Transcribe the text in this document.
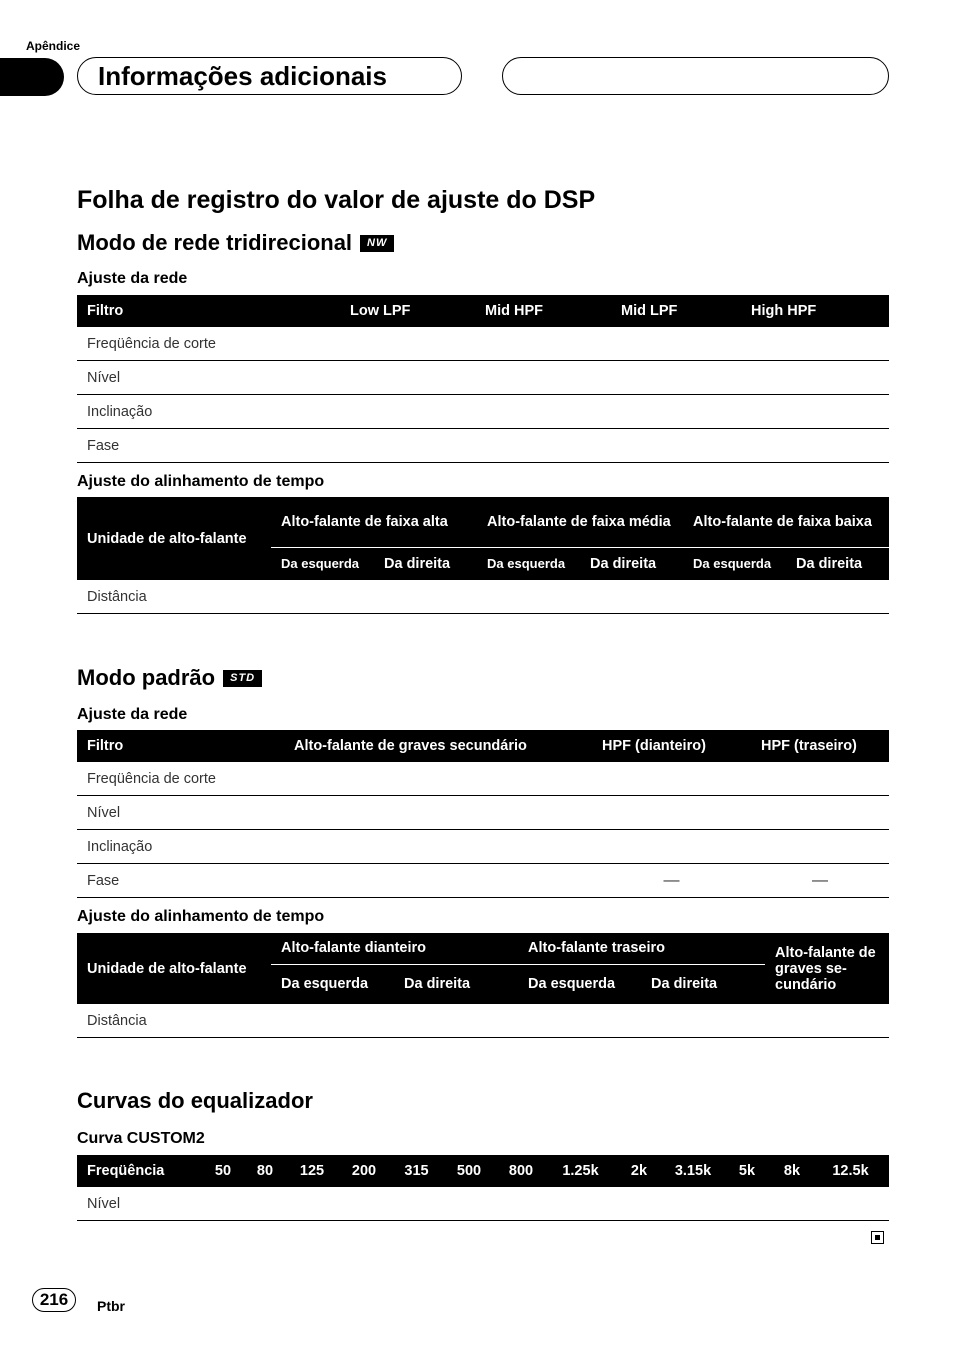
Apêndice
Informações adicionais
Folha de registro do valor de ajuste do DSP
Modo de rede tridirecional	NW
Ajuste da rede
Filtro	Low LPF	Mid HPF	Mid LPF	High HPF
Freqüência de corte				
Nível				
Inclinação				
Fase				
Ajuste do alinhamento de tempo
Unidade de alto-falante	Alto-falante de faixa alta		Alto-falante de faixa média		Alto-falante de faixa baixa	
	Da esquerda	Da direita	Da esquerda	Da direita	Da esquerda	Da direita
Distância						
Modo padrão	STD
Ajuste da rede
Filtro	Alto-falante de graves secundário	HPF (dianteiro)	HPF (traseiro)
Freqüência de corte			
Nível			
Inclinação			
Fase		—	—
Ajuste do alinhamento de tempo
Unidade de alto-falante	Alto-falante dianteiro		Alto-falante traseiro		Alto-falante de graves se-cundário
	Da esquerda	Da direita	Da esquerda	Da direita	
Distância					
Curvas do equalizador
Curva CUSTOM2
Freqüência	50	80	125	200	315	500	800	1.25k	2k	3.15k	5k	8k	12.5k
Nível													
216	Ptbr
